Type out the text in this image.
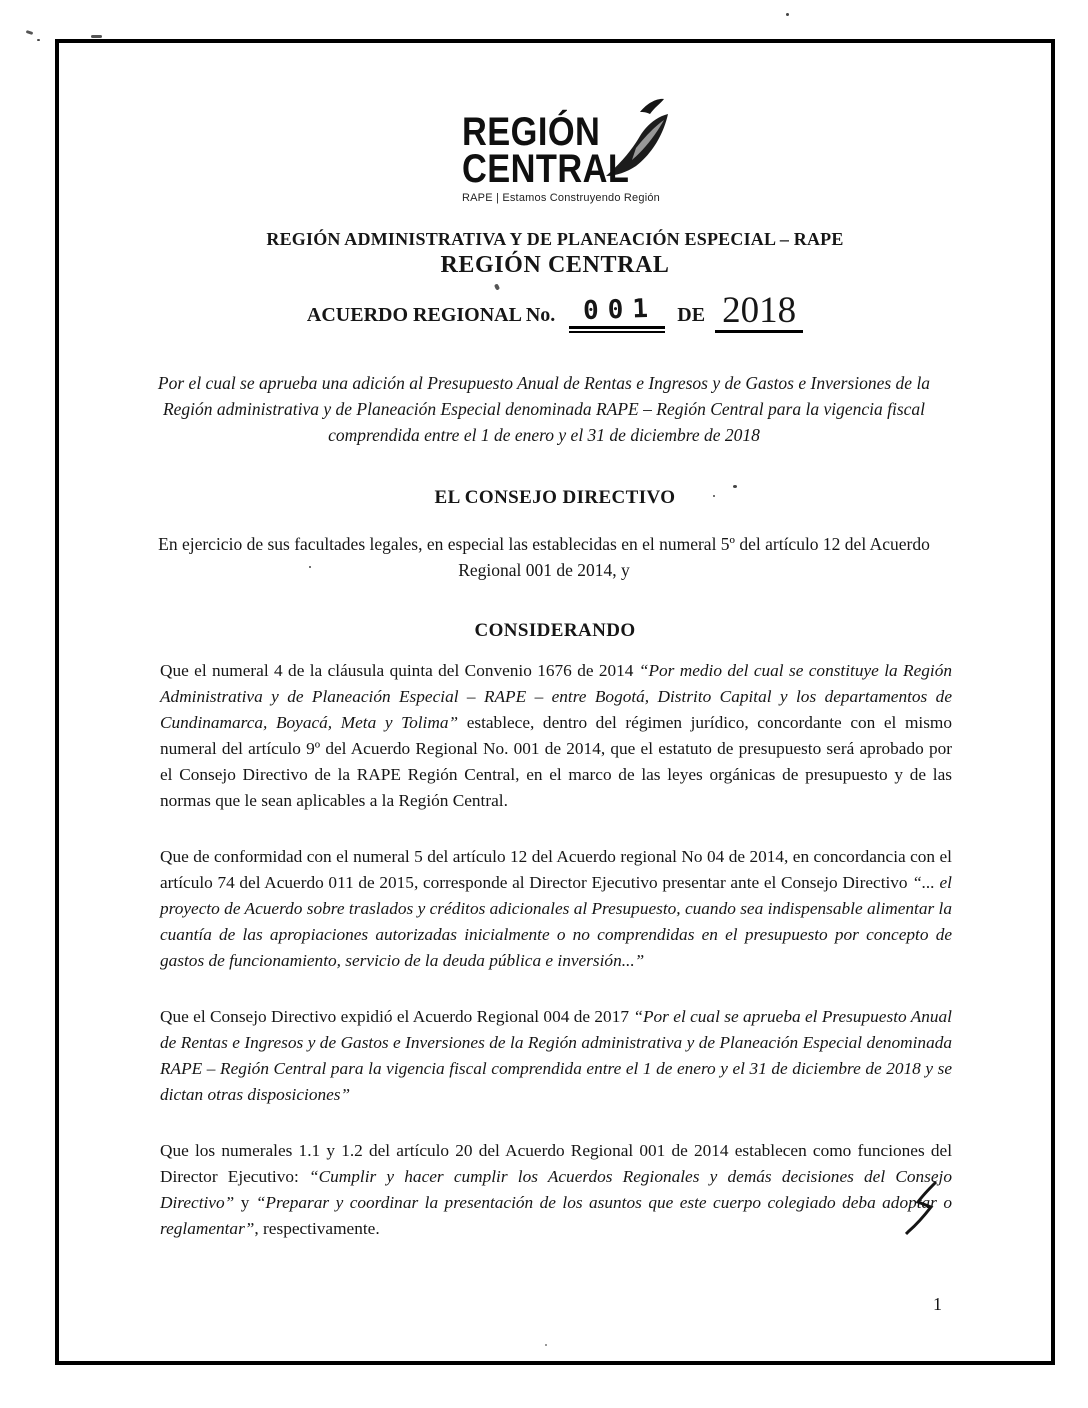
REGIÓN
CENTRAL
RAPE | Estamos Construyendo Región
REGIÓN ADMINISTRATIVA Y DE PLANEACIÓN ESPECIAL – RAPE
REGIÓN CENTRAL
ACUERDO REGIONAL No. 001 DE 2018
Por el cual se aprueba una adición al Presupuesto Anual de Rentas e Ingresos y de Gastos e Inversiones de la Región administrativa y de Planeación Especial denominada RAPE – Región Central para la vigencia fiscal comprendida entre el 1 de enero y el 31 de diciembre de 2018
EL CONSEJO DIRECTIVO
En ejercicio de sus facultades legales, en especial las establecidas en el numeral 5º del artículo 12 del Acuerdo Regional 001 de 2014, y
CONSIDERANDO

Que el numeral 4 de la cláusula quinta del Convenio 1676 de 2014 “Por medio del cual se constituye la Región Administrativa y de Planeación Especial – RAPE – entre Bogotá, Distrito Capital y los departamentos de Cundinamarca, Boyacá, Meta y Tolima” establece, dentro del régimen jurídico, concordante con el mismo numeral del artículo 9º del Acuerdo Regional No. 001 de 2014, que el estatuto de presupuesto será aprobado por el Consejo Directivo de la RAPE Región Central, en el marco de las leyes orgánicas de presupuesto y de las normas que le sean aplicables a la Región Central.

Que de conformidad con el numeral 5 del artículo 12 del Acuerdo regional No 04 de 2014, en concordancia con el artículo 74 del Acuerdo 011 de 2015, corresponde al Director Ejecutivo presentar ante el Consejo Directivo “... el proyecto de Acuerdo sobre traslados y créditos adicionales al Presupuesto, cuando sea indispensable alimentar la cuantía de las apropiaciones autorizadas inicialmente o no comprendidas en el presupuesto por concepto de gastos de funcionamiento, servicio de la deuda pública e inversión...”

Que el Consejo Directivo expidió el Acuerdo Regional 004 de 2017 “Por el cual se aprueba el Presupuesto Anual de Rentas e Ingresos y de Gastos e Inversiones de la Región administrativa y de Planeación Especial denominada RAPE – Región Central para la vigencia fiscal comprendida entre el 1 de enero y el 31 de diciembre de 2018 y se dictan otras disposiciones”

Que los numerales 1.1 y 1.2 del artículo 20 del Acuerdo Regional 001 de 2014 establecen como funciones del Director Ejecutivo: “Cumplir y hacer cumplir los Acuerdos Regionales y demás decisiones del Consejo Directivo” y “Preparar y coordinar la presentación de los asuntos que este cuerpo colegiado deba adoptar o reglamentar”, respectivamente.

1
